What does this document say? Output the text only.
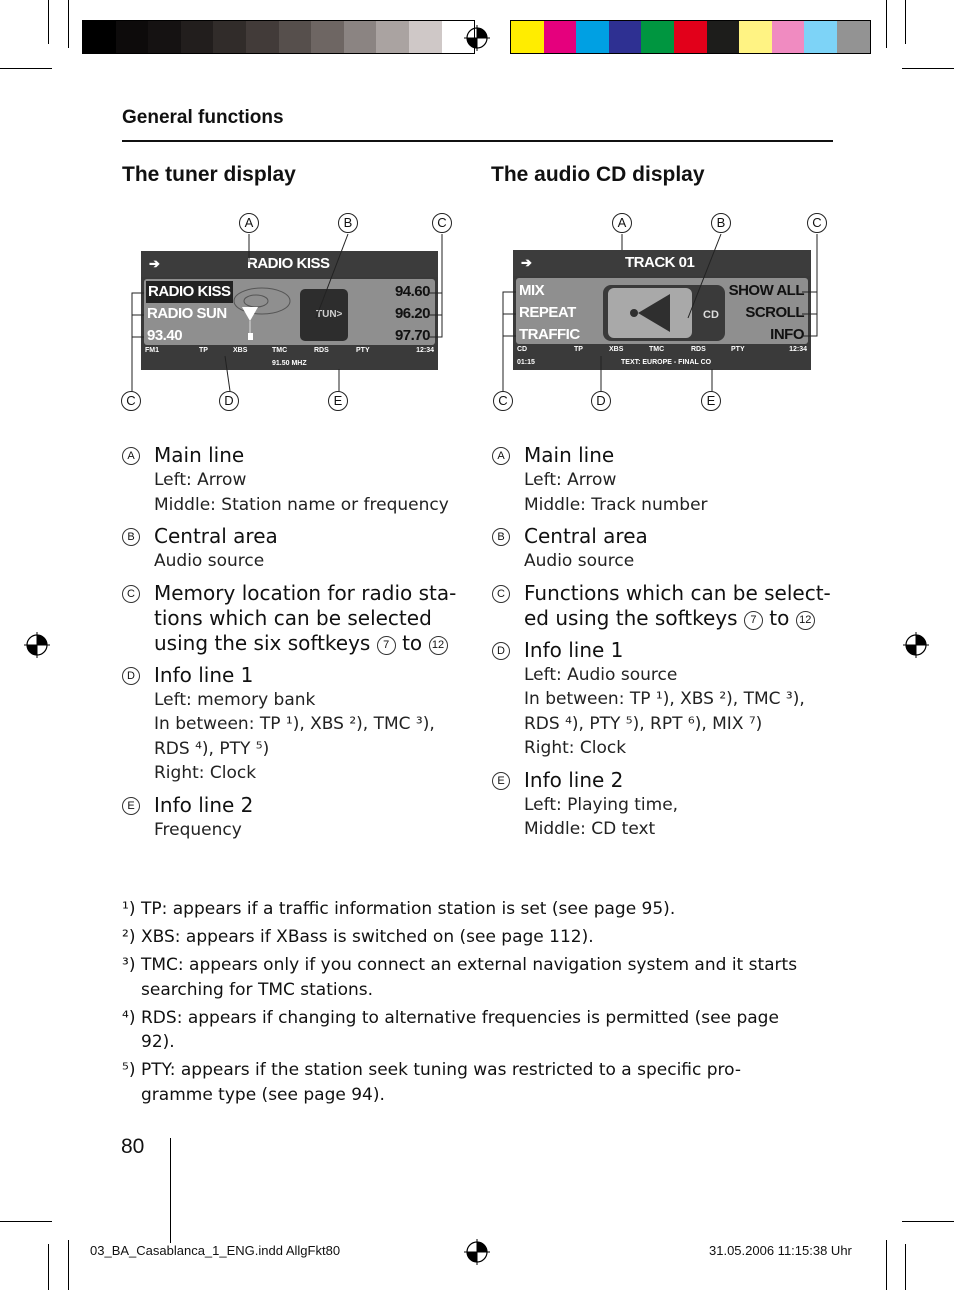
General functions
The tuner display	The audio CD display
➔	RADIO KISS
TUN>
RADIO KISS
RADIO SUN
93.40
94.60
96.20
97.70
FM1	TP	XBS	TMC	RDS	PTY	12:34
91.50 MHZ
A	B	C
C	D	E
➔	TRACK 01
CD
MIX
REPEAT
TRAFFIC
SHOW ALL
SCROLL
INFO
CD	TP	XBS	TMC	RDS	PTY	12:34
01:15	TEXT: EUROPE - FINAL CO
A	B	C
C	D	E
A Main line
Left: Arrow
Middle: Station name or frequency
B Central area
Audio source
C Memory location for radio sta-
tions which can be selected
using the six softkeys 7 to 12
D Info line 1
Left: memory bank
In between: TP ¹), XBS ²), TMC ³),
RDS ⁴), PTY ⁵)
Right: Clock
E Info line 2
Frequency
A Main line
Left: Arrow
Middle: Track number
B Central area
Audio source
C Functions which can be select-
ed using the softkeys 7 to 12
D Info line 1
Left: Audio source
In between: TP ¹), XBS ²), TMC ³),
RDS ⁴), PTY ⁵), RPT ⁶), MIX ⁷)
Right: Clock
E Info line 2
Left: Playing time,
Middle: CD text
¹) TP: appears if a traffic information station is set (see page 95).
²) XBS: appears if XBass is switched on (see page 112).
³) TMC: appears only if you connect an external navigation system and it starts
searching for TMC stations.
⁴) RDS: appears if changing to alternative frequencies is permitted (see page
92).
⁵) PTY: appears if the station seek tuning was restricted to a specific pro-
gramme type (see page 94).
80
03_BA_Casablanca_1_ENG.indd AllgFkt80	31.05.2006 11:15:38 Uhr
